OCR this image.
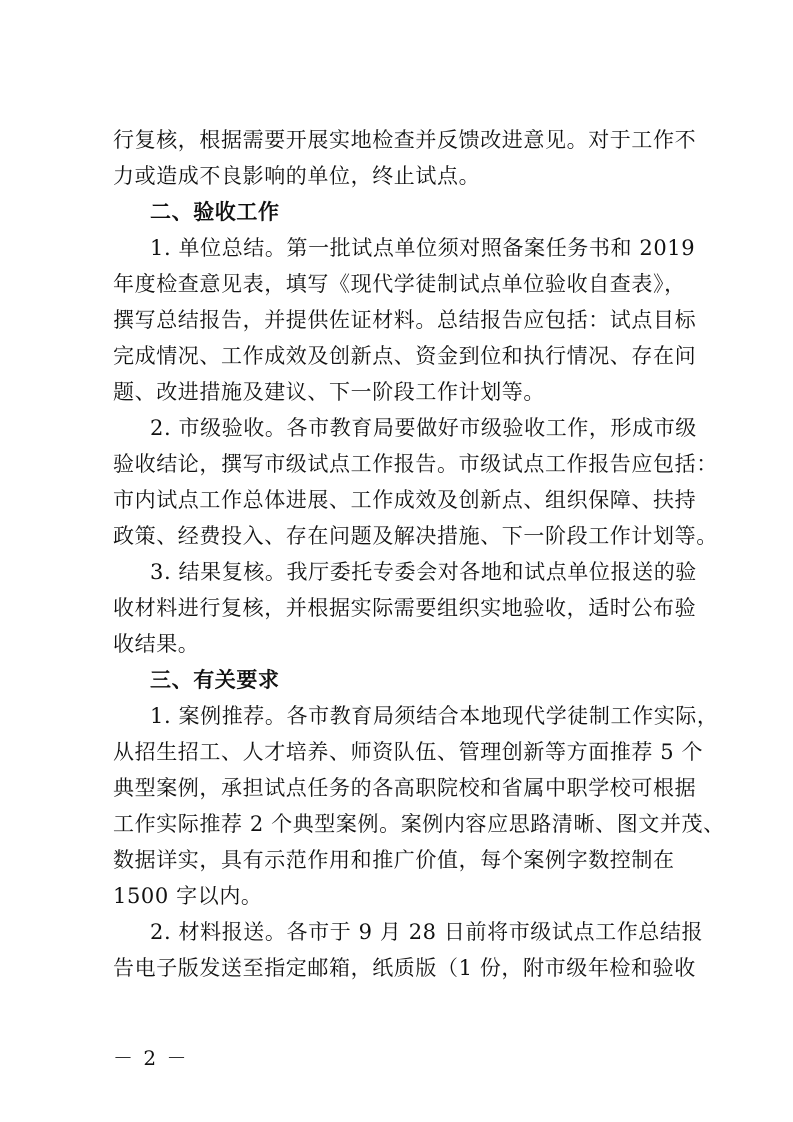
行复核，根据需要开展实地检查并反馈改进意见。对于工作不
力或造成不良影响的单位，终止试点。
二、验收工作
1. 单位总结。第一批试点单位须对照备案任务书和 2019
年度检查意见表，填写《现代学徒制试点单位验收自查表》，
撰写总结报告，并提供佐证材料。总结报告应包括：试点目标
完成情况、工作成效及创新点、资金到位和执行情况、存在问
题、改进措施及建议、下一阶段工作计划等。
2. 市级验收。各市教育局要做好市级验收工作，形成市级
验收结论，撰写市级试点工作报告。市级试点工作报告应包括：
市内试点工作总体进展、工作成效及创新点、组织保障、扶持
政策、经费投入、存在问题及解决措施、下一阶段工作计划等。
3. 结果复核。我厅委托专委会对各地和试点单位报送的验
收材料进行复核，并根据实际需要组织实地验收，适时公布验
收结果。
三、有关要求
1. 案例推荐。各市教育局须结合本地现代学徒制工作实际，
从招生招工、人才培养、师资队伍、管理创新等方面推荐 5 个
典型案例，承担试点任务的各高职院校和省属中职学校可根据
工作实际推荐 2 个典型案例。案例内容应思路清晰、图文并茂、
数据详实，具有示范作用和推广价值，每个案例字数控制在
1500 字以内。
2. 材料报送。各市于 9 月 28 日前将市级试点工作总结报
告电子版发送至指定邮箱，纸质版（1 份，附市级年检和验收
－ 2 －
